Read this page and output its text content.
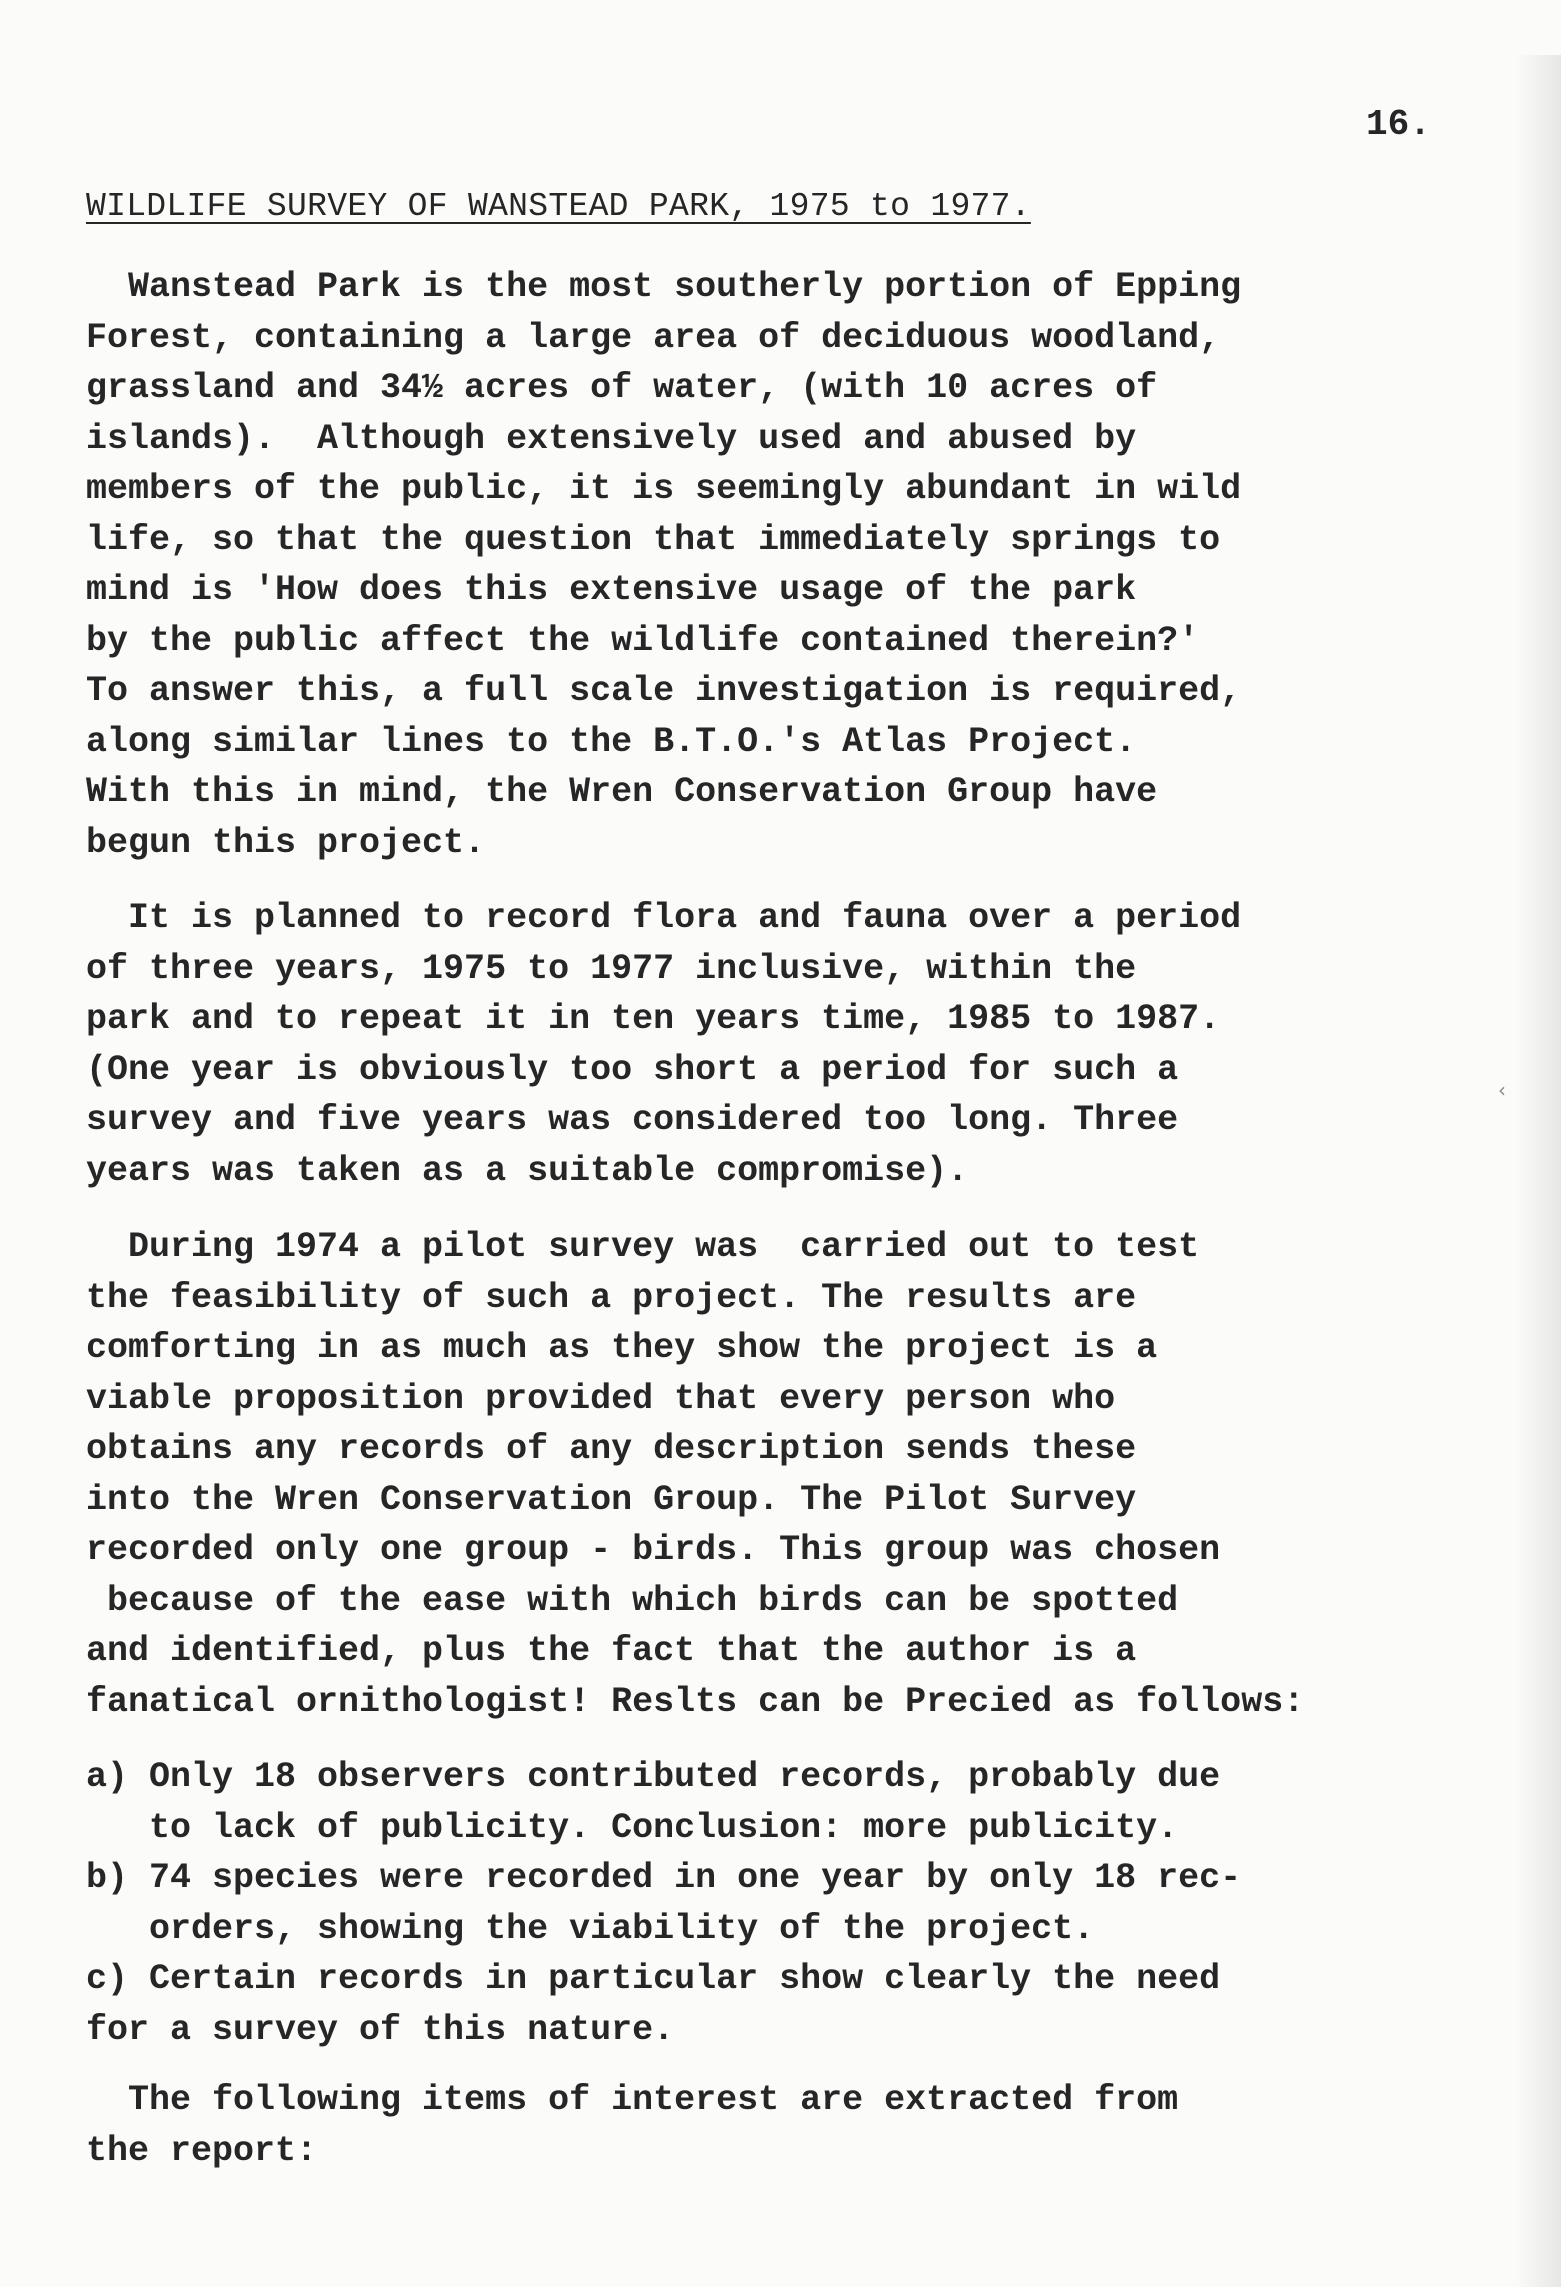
‹
16.
WILDLIFE SURVEY OF WANSTEAD PARK, 1975 to 1977.
Wanstead Park is the most southerly portion of Epping
Forest, containing a large area of deciduous woodland,
grassland and 34½ acres of water, (with 10 acres of
islands).  Although extensively used and abused by
members of the public, it is seemingly abundant in wild
life, so that the question that immediately springs to
mind is 'How does this extensive usage of the park
by the public affect the wildlife contained therein?'
To answer this, a full scale investigation is required,
along similar lines to the B.T.O.'s Atlas Project.
With this in mind, the Wren Conservation Group have
begun this project.
It is planned to record flora and fauna over a period
of three years, 1975 to 1977 inclusive, within the
park and to repeat it in ten years time, 1985 to 1987.
(One year is obviously too short a period for such a
survey and five years was considered too long. Three
years was taken as a suitable compromise).
During 1974 a pilot survey was  carried out to test
the feasibility of such a project. The results are
comforting in as much as they show the project is a
viable proposition provided that every person who
obtains any records of any description sends these
into the Wren Conservation Group. The Pilot Survey
recorded only one group - birds. This group was chosen
because of the ease with which birds can be spotted
and identified, plus the fact that the author is a
fanatical ornithologist! Reslts can be Precied as follows:
a) Only 18 observers contributed records, probably due
to lack of publicity. Conclusion: more publicity.
b) 74 species were recorded in one year by only 18 rec-
orders, showing the viability of the project.
c) Certain records in particular show clearly the need
for a survey of this nature.
The following items of interest are extracted from
the report:
